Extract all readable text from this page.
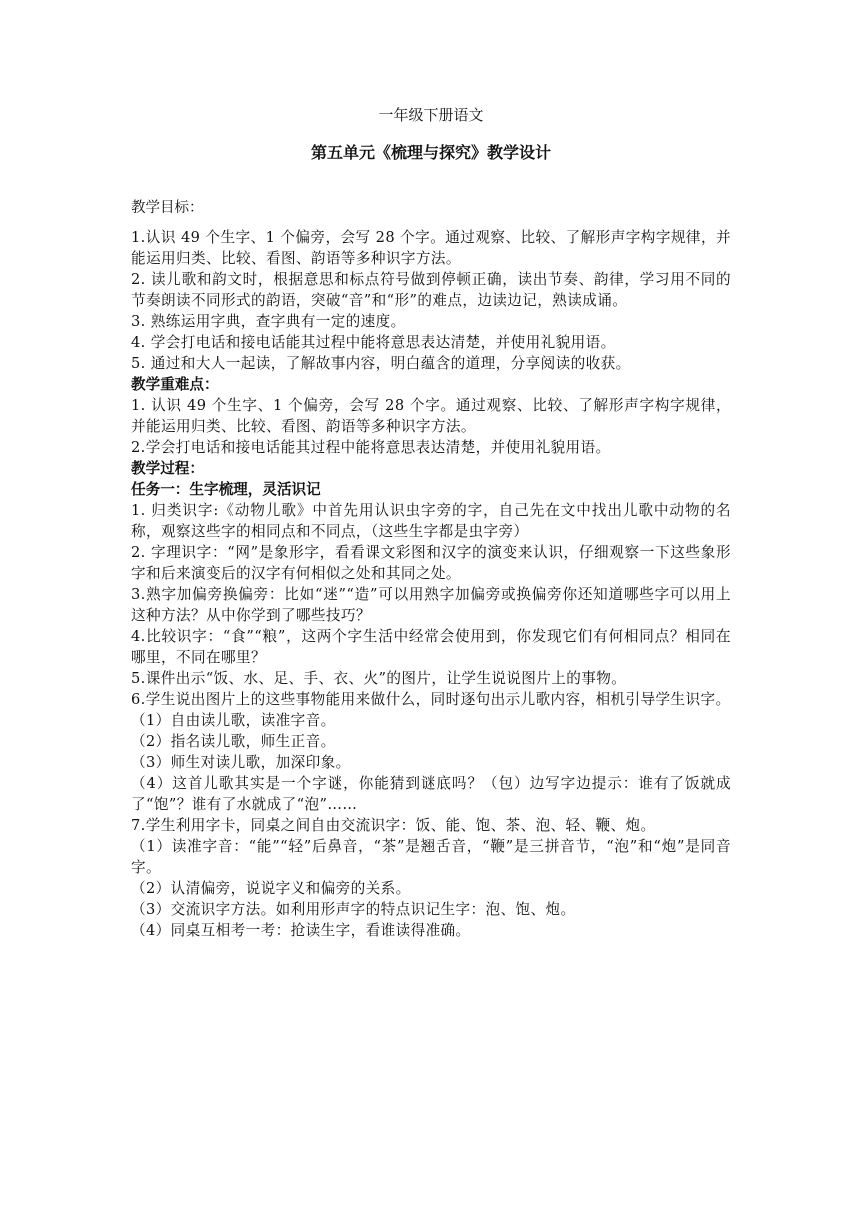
一年级下册语文
第五单元《梳理与探究》教学设计
教学目标：

1.认识 49 个生字、1 个偏旁，会写 28 个字。通过观察、比较、了解形声字构字规律，并能运用归类、比较、看图、韵语等多种识字方法。

2. 读儿歌和韵文时，根据意思和标点符号做到停顿正确，读出节奏、韵律，学习用不同的节奏朗读不同形式的韵语，突破“音”和“形”的难点，边读边记，熟读成诵。

3. 熟练运用字典，查字典有一定的速度。

4. 学会打电话和接电话能其过程中能将意思表达清楚，并使用礼貌用语。

5. 通过和大人一起读，了解故事内容，明白蕴含的道理，分享阅读的收获。

教学重难点：

1. 认识 49 个生字、1 个偏旁，会写 28 个字。通过观察、比较、了解形声字构字规律，并能运用归类、比较、看图、韵语等多种识字方法。

2.学会打电话和接电话能其过程中能将意思表达清楚，并使用礼貌用语。

教学过程：
任务一：生字梳理，灵活识记

1. 归类识字:《动物儿歌》中首先用认识虫字旁的字，自己先在文中找出儿歌中动物的名称，观察这些字的相同点和不同点，（这些生字都是虫字旁）

2. 字理识字：“网”是象形字，看看课文彩图和汉字的演变来认识，仔细观察一下这些象形字和后来演变后的汉字有何相似之处和其同之处。

3.熟字加偏旁换偏旁：比如“迷”“造”可以用熟字加偏旁或换偏旁你还知道哪些字可以用上这种方法？从中你学到了哪些技巧？

4.比较识字：“食”“粮”，这两个字生活中经常会使用到，你发现它们有何相同点？相同在哪里，不同在哪里？

5.课件出示“饭、水、足、手、衣、火”的图片，让学生说说图片上的事物。

6.学生说出图片上的这些事物能用来做什么，同时逐句出示儿歌内容，相机引导学生识字。

（1）自由读儿歌，读准字音。

（2）指名读儿歌，师生正音。

（3）师生对读儿歌，加深印象。

（4）这首儿歌其实是一个字谜，你能猜到谜底吗？（包）边写字边提示：谁有了饭就成了“饱”？谁有了水就成了“泡”……

7.学生利用字卡，同桌之间自由交流识字：饭、能、饱、茶、泡、轻、鞭、炮。

（1）读准字音：“能”“轻”后鼻音，“茶”是翘舌音，“鞭”是三拼音节，“泡”和“炮”是同音字。

（2）认清偏旁，说说字义和偏旁的关系。

（3）交流识字方法。如利用形声字的特点识记生字：泡、饱、炮。

（4）同桌互相考一考：抢读生字，看谁读得准确。
